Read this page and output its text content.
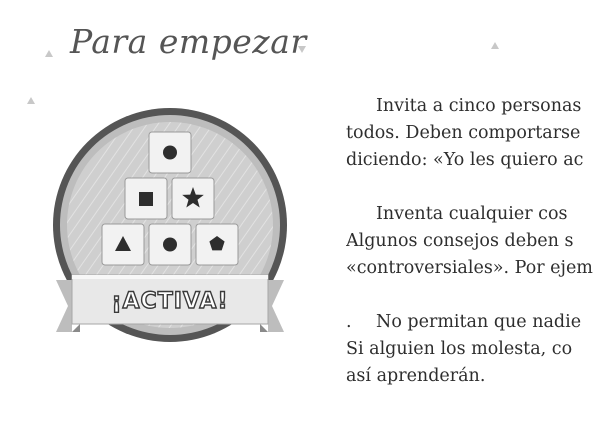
Para empezar
¡ACTIVA!

Invita a cinco personas
todos. Deben comportarse
diciendo: «Yo les quiero ac

Inventa cualquier cos
Algunos consejos deben s
«controversiales». Por ejem

. No permitan que nadie
Si alguien los molesta, co
así aprenderán.
